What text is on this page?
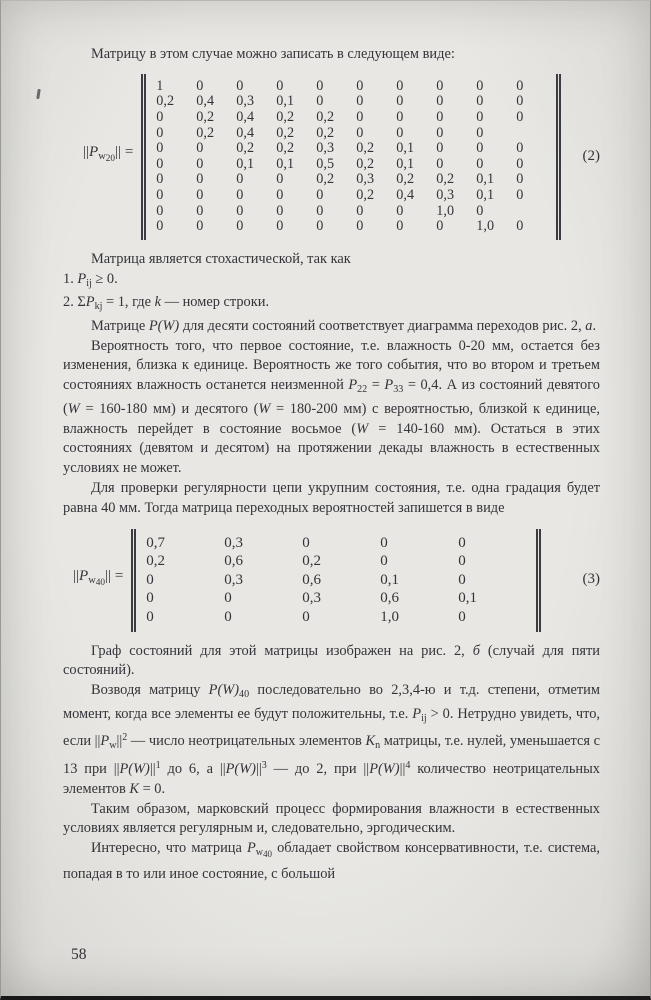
Матрицу в этом случае можно записать в следующем виде:

$||Pw_{20}||$ =
1 0 0 0 0 0 0 0 0 0
0,2 0,4 0,3 0,1 0 0 0 0 0 0
0 0,2 0,4 0,2 0,2 0 0 0 0 0
0 0,2 0,4 0,2 0,2 0 0 0 0
0 0 0,2 0,2 0,3 0,2 0,1 0 0 0
0 0 0,1 0,1 0,5 0,2 0,1 0 0 0
0 0 0 0 0,2 0,3 0,2 0,2 0,1 0
0 0 0 0 0 0,2 0,4 0,3 0,1 0
0 0 0 0 0 0 0 1,0 0
0 0 0 0 0 0 0 0 1,0 0
(2)

Матрица является стохастической, так как

1. Pij ≥ 0.

2. ΣPkj = 1, где k — номер строки.

Матрице P(W) для десяти состояний соответствует диаграмма переходов рис. 2, а.

Вероятность того, что первое состояние, т.е. влажность 0-20 мм, остается без изменения, близка к единице. Вероятность же того события, что во втором и третьем состояниях влажность останется неизменной P22 = P33 = 0,4. А из состояний девятого (W = 160-180 мм) и десятого (W = 180-200 мм) с вероятностью, близкой к единице, влажность перейдет в состояние восьмое (W = 140-160 мм). Остаться в этих состояниях (девятом и десятом) на протяжении декады влажность в естественных условиях не может.

Для проверки регулярности цепи укрупним состояния, т.е. одна градация будет равна 40 мм. Тогда матрица переходных вероятностей запишется в виде

$||Pw_{40}||$ =
0,7	0,3	0	0	0
0,2	0,6	0,2	0	0
0	0,3	0,6	0,1	0
0	0	0,3	0,6	0,1
0	0	0	1,0	0
(3)

Граф состояний для этой матрицы изображен на рис. 2, б (случай для пяти состояний).

Возводя матрицу P(W)40 последовательно во 2,3,4-ю и т.д. степени, отметим момент, когда все элементы ее будут положительны, т.е. Pij > 0. Нетрудно увидеть, что, если $||Pw||^2$ — число неотрицательных элементов Kn матрицы, т.е. нулей, уменьшается с 13 при $||P(W)||^1$ до 6, а $||P(W)||^3$ — до 2, при $||P(W)||^4$ количество неотрицательных элементов K = 0.

Таким образом, марковский процесс формирования влажности в естественных условиях является регулярным и, следовательно, эргодическим.

Интересно, что матрица $Pw_{40}$ обладает свойством консервативности, т.е. система, попадая в то или иное состояние, с большой

58
